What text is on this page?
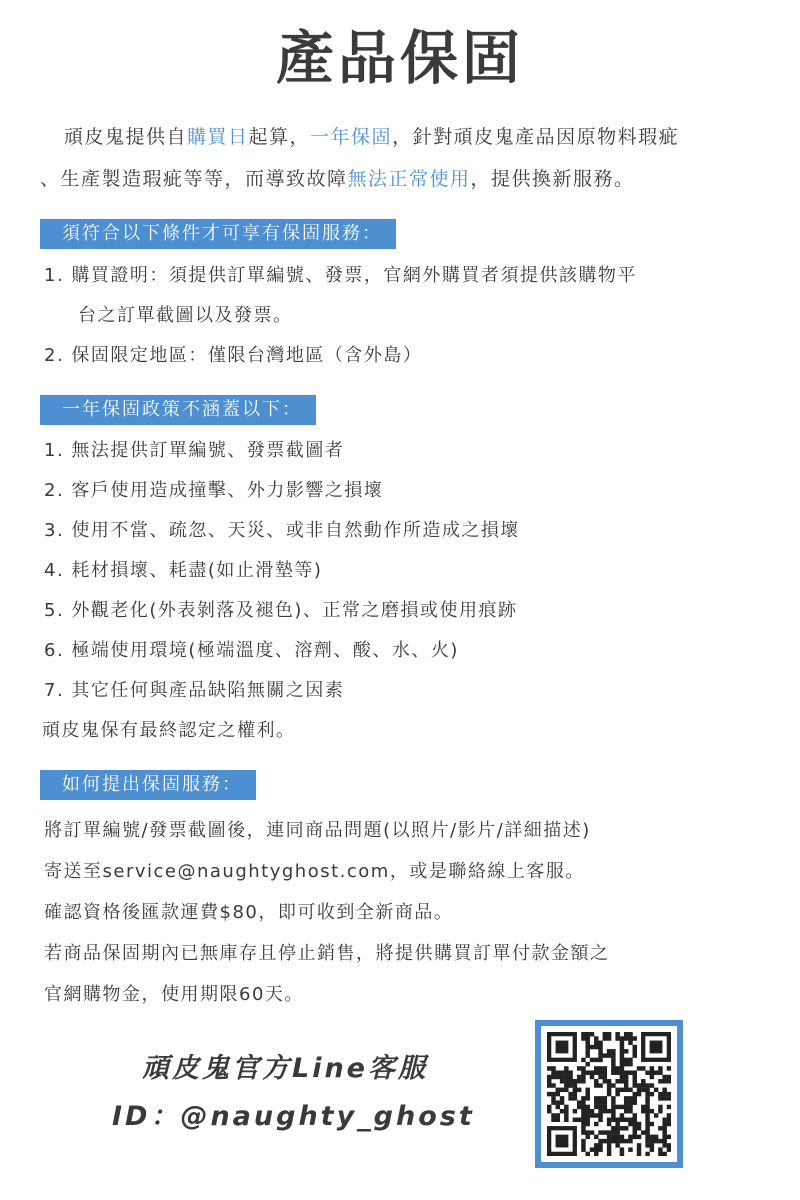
產品保固
頑皮鬼提供自購買日起算，一年保固，針對頑皮鬼產品因原物料瑕疵
、生產製造瑕疵等等，而導致故障無法正常使用，提供換新服務。
須符合以下條件才可享有保固服務：
1. 購買證明：須提供訂單編號、發票，官網外購買者須提供該購物平
台之訂單截圖以及發票。
2. 保固限定地區：僅限台灣地區（含外島）
一年保固政策不涵蓋以下：
1. 無法提供訂單編號、發票截圖者
2. 客戶使用造成撞擊、外力影響之損壞
3. 使用不當、疏忽、天災、或非自然動作所造成之損壞
4. 耗材損壞、耗盡(如止滑墊等)
5. 外觀老化(外表剝落及褪色)、正常之磨損或使用痕跡
6. 極端使用環境(極端溫度、溶劑、酸、水、火)
7. 其它任何與產品缺陷無關之因素
頑皮鬼保有最終認定之權利。
如何提出保固服務：
將訂單編號/發票截圖後，連同商品問題(以照片/影片/詳細描述)
寄送至service@naughtyghost.com，或是聯絡線上客服。
確認資格後匯款運費$80，即可收到全新商品。
若商品保固期內已無庫存且停止銷售，將提供購買訂單付款金額之
官網購物金，使用期限60天。
頑皮鬼官方Line客服
ID：@naughty_ghost
